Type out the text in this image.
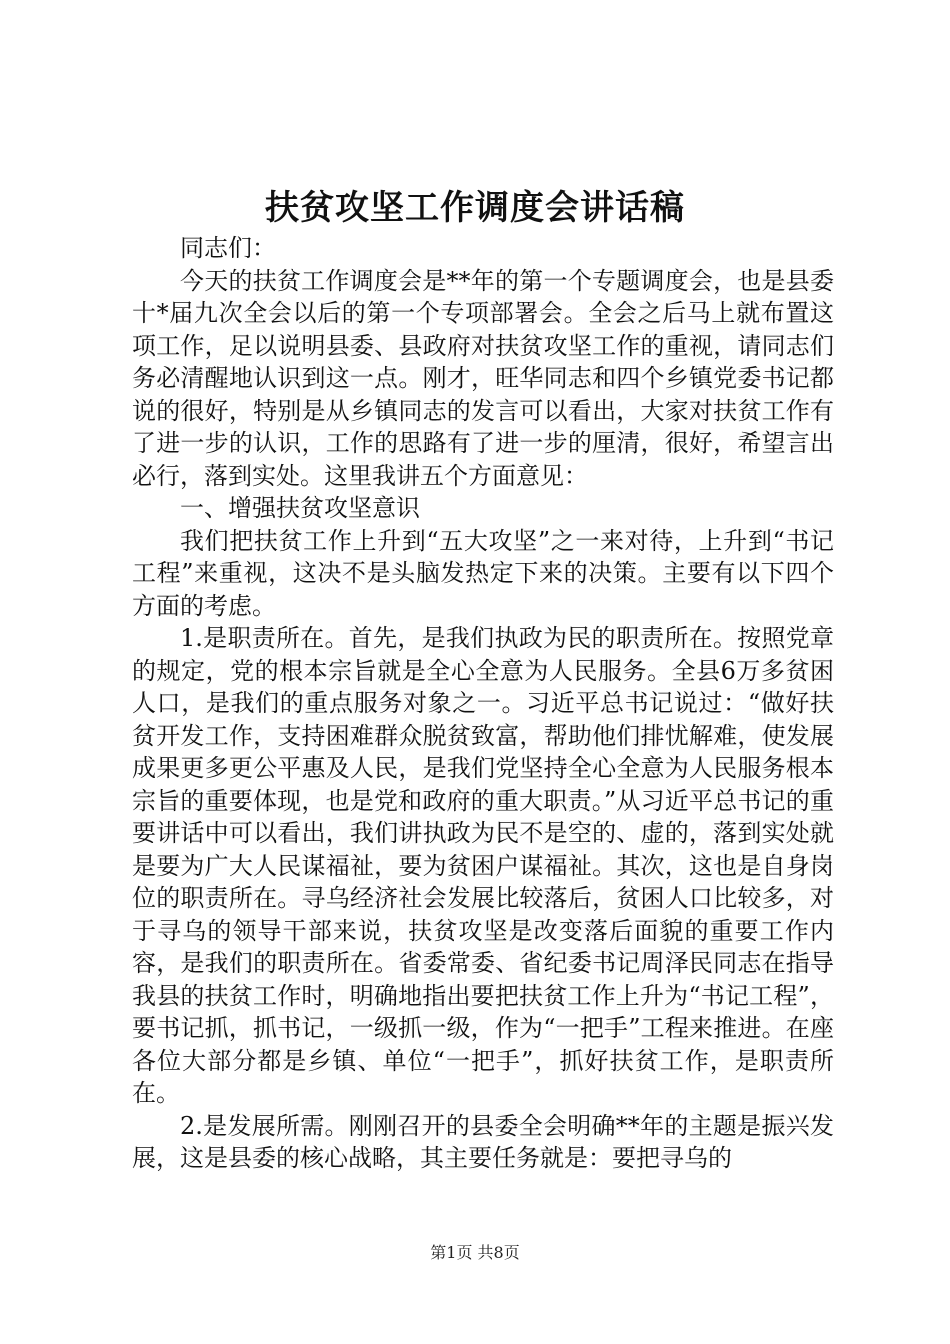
扶贫攻坚工作调度会讲话稿

同志们：

今天的扶贫工作调度会是**年的第一个专题调度会，也是县委十*届九次全会以后的第一个专项部署会。全会之后马上就布置这项工作，足以说明县委、县政府对扶贫攻坚工作的重视，请同志们务必清醒地认识到这一点。刚才，旺华同志和四个乡镇党委书记都说的很好，特别是从乡镇同志的发言可以看出，大家对扶贫工作有了进一步的认识，工作的思路有了进一步的厘清，很好，希望言出必行，落到实处。这里我讲五个方面意见：

一、增强扶贫攻坚意识

我们把扶贫工作上升到“五大攻坚”之一来对待，上升到“书记工程”来重视，这决不是头脑发热定下来的决策。主要有以下四个方面的考虑。

1.是职责所在。首先，是我们执政为民的职责所在。按照党章的规定，党的根本宗旨就是全心全意为人民服务。全县6万多贫困人口，是我们的重点服务对象之一。习近平总书记说过：“做好扶贫开发工作，支持困难群众脱贫致富，帮助他们排忧解难，使发展成果更多更公平惠及人民，是我们党坚持全心全意为人民服务根本宗旨的重要体现，也是党和政府的重大职责。”从习近平总书记的重要讲话中可以看出，我们讲执政为民不是空的、虚的，落到实处就是要为广大人民谋福祉，要为贫困户谋福祉。其次，这也是自身岗位的职责所在。寻乌经济社会发展比较落后，贫困人口比较多，对于寻乌的领导干部来说，扶贫攻坚是改变落后面貌的重要工作内容，是我们的职责所在。省委常委、省纪委书记周泽民同志在指导我县的扶贫工作时，明确地指出要把扶贫工作上升为“书记工程”，要书记抓，抓书记，一级抓一级，作为“一把手”工程来推进。在座各位大部分都是乡镇、单位“一把手”，抓好扶贫工作，是职责所在。

2.是发展所需。刚刚召开的县委全会明确**年的主题是振兴发展，这是县委的核心战略，其主要任务就是：要把寻乌的

第1页 共8页
